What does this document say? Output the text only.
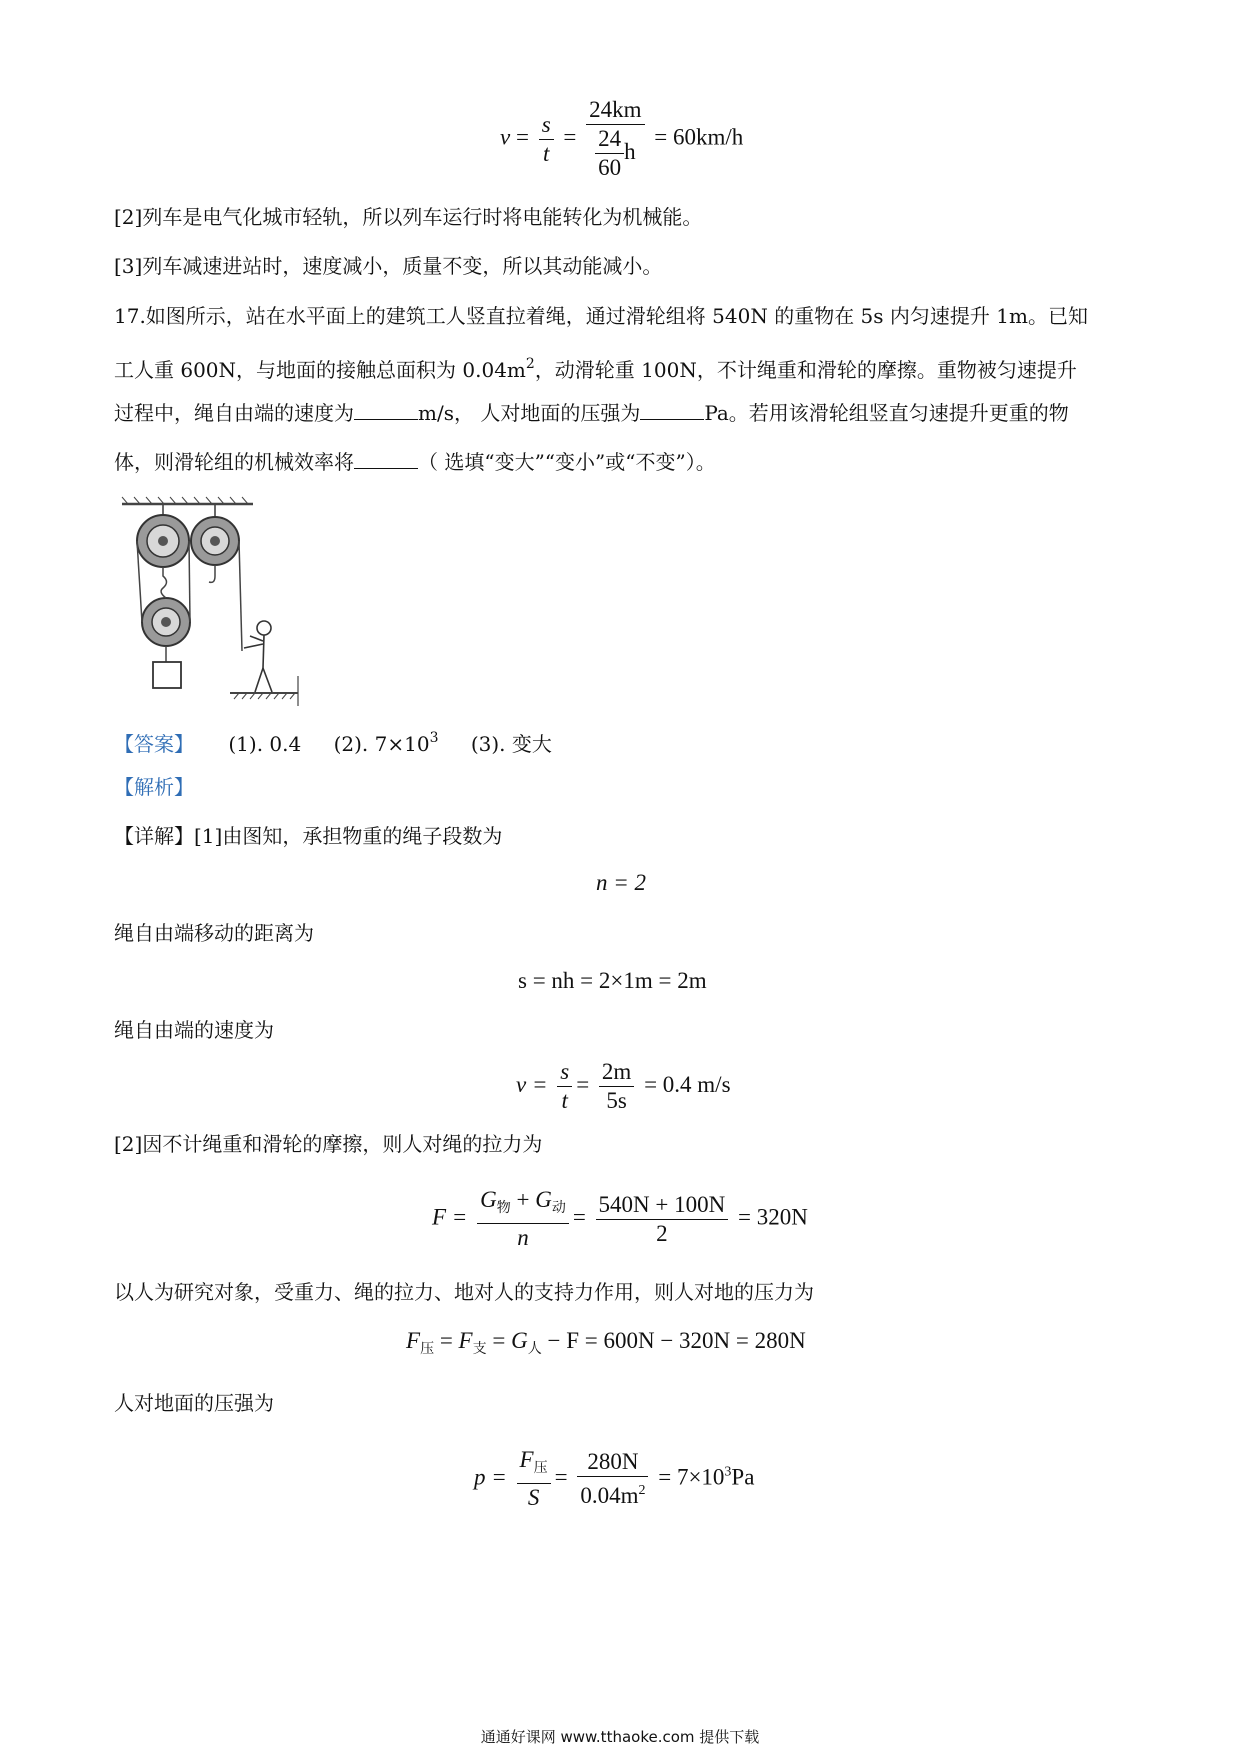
$v = \frac{s}{t} = \frac{24km}{\frac{24}{60} h} = 60km/h$
[2]列车是电气化城市轻轨，所以列车运行时将电能转化为机械能。
[3]列车减速进站时，速度减小，质量不变，所以其动能减小。
17.如图所示，站在水平面上的建筑工人竖直拉着绳，通过滑轮组将 540N 的重物在 5s 内匀速提升 1m。已知
工人重 600N，与地面的接触总面积为 $0.04m^2$，动滑轮重 100N，不计绳重和滑轮的摩擦。重物被匀速提升
过程中，绳自由端的速度为	m/s， 人对地面的压强为	Pa。若用该滑轮组竖直匀速提升更重的物
体，则滑轮组的机械效率将	（ 选填“变大”“变小”或“不变”）。
【答案】 (1). 0.4 (2). $7\times 10^3$ (3). 变大
【解析】
【详解】[1]由图知，承担物重的绳子段数为
n = 2
绳自由端移动的距离为
s = nh = 2×1m = 2m
绳自由端的速度为
$v = \frac{s}{t} = \frac{2m}{5s} = 0.4$ m/s
[2]因不计绳重和滑轮的摩擦，则人对绳的拉力为
$F = \frac{G_物 + G_动}{n} = \frac{540N + 100N}{2} = 320N$
以人为研究对象，受重力、绳的拉力、地对人的支持力作用，则人对地的压力为
$F_压 = F_支 = G_人 - F = 600N - 320N = 280N$
人对地面的压强为
$p = \frac{F_压}{S} = \frac{280N}{0.04m^2} = 7\times 10^3Pa$
通通好课网 www.tthaoke.com 提供下载
